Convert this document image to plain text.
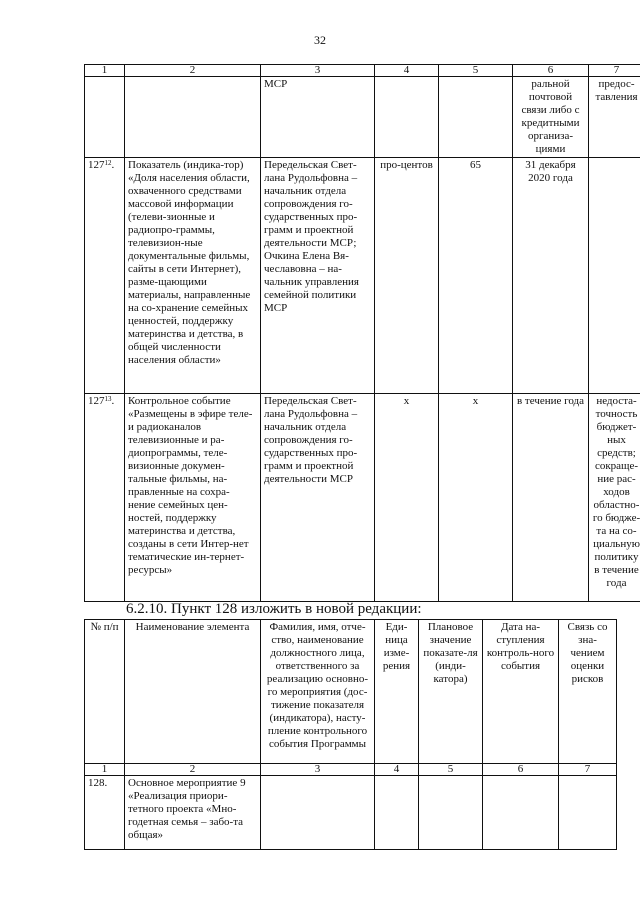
32
1	2	3	4	5	6	7
		МСР			ральной почтовой связи либо с кредитными организа-циями	предос-тавления
$127^{12}$.	Показатель (индика-тор) «Доля населения области, охваченного средствами массовой информации (телеви-зионные и радиопро-граммы, телевизион-ные документальные фильмы, сайты в сети Интернет), разме-щающими материалы, направленные на со-хранение семейных ценностей, поддержку материнства и детства, в общей численности населения области»	Передельская Свет-лана Рудольфовна – начальник отдела сопровождения го-сударственных про-грамм и проектной деятельности МСР; Очкина Елена Вя-чеславовна – на-чальник управления семейной политики МСР	про-центов	65	31 декабря 2020 года	
$127^{13}$.	Контрольное событие «Размещены в эфире теле- и радиоканалов телевизионные и ра-диопрограммы, теле-визионные докумен-тальные фильмы, на-правленные на сохра-нение семейных цен-ностей, поддержку материнства и детства, созданы в сети Интер-нет тематические ин-тернет-ресурсы»	Передельская Свет-лана Рудольфовна – начальник отдела сопровождения го-сударственных про-грамм и проектной деятельности МСР	х	х	в течение года	недоста-точность бюджет-ных средств; сокраще-ние рас-ходов областно-го бюдже-та на со-циальную политику в течение года
6.2.10. Пункт 128 изложить в новой редакции:
№ п/п	Наименование элемента	Фамилия, имя, отче-ство, наименование должностного лица, ответственного за реализацию основно-го мероприятия (дос-тижение показателя (индикатора), насту-пление контрольного события Программы	Еди-ница изме-рения	Плановое значение показате-ля (инди-катора)	Дата на-ступления контроль-ного события	Связь со зна-чением оценки рисков
1	2	3	4	5	6	7
128.	Основное мероприятие 9 «Реализация приори-тетного проекта «Мно-годетная семья – забо-та общая»					
